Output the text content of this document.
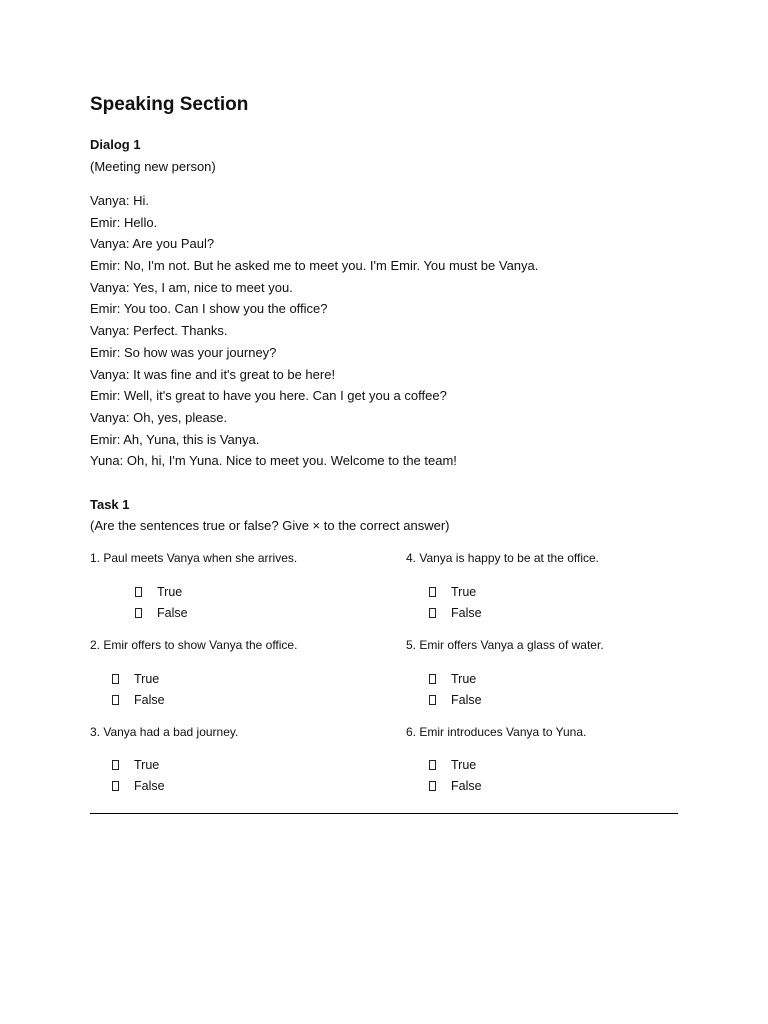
Speaking Section
Dialog 1
(Meeting new person)
Vanya: Hi.
Emir: Hello.
Vanya: Are you Paul?
Emir: No, I'm not. But he asked me to meet you. I'm Emir. You must be Vanya.
Vanya: Yes, I am, nice to meet you.
Emir: You too. Can I show you the office?
Vanya: Perfect. Thanks.
Emir: So how was your journey?
Vanya: It was fine and it's great to be here!
Emir: Well, it's great to have you here. Can I get you a coffee?
Vanya: Oh, yes, please.
Emir: Ah, Yuna, this is Vanya.
Yuna: Oh, hi, I'm Yuna. Nice to meet you. Welcome to the team!
Task 1
(Are the sentences true or false? Give × to the correct answer)
1. Paul meets Vanya when she arrives.
True
False
2. Emir offers to show Vanya the office.
True
False
3. Vanya had a bad journey.
True
False
4. Vanya is happy to be at the office.
True
False
5. Emir offers Vanya a glass of water.
True
False
6. Emir introduces Vanya to Yuna.
True
False
